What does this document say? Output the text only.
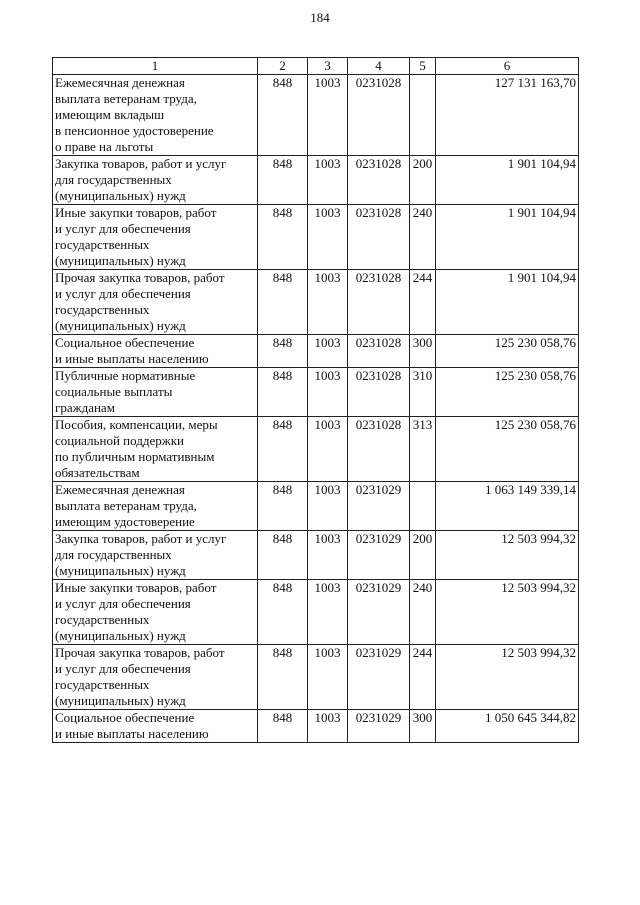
184
1	2	3	4	5	6
Ежемесячная денежная
выплата ветеранам труда,
имеющим вкладыш
в пенсионное удостоверение
о праве на льготы	848	1003	0231028		127 131 163,70
Закупка товаров, работ и услуг
для государственных
(муниципальных) нужд	848	1003	0231028	200	1 901 104,94
Иные закупки товаров, работ
и услуг для обеспечения
государственных
(муниципальных) нужд	848	1003	0231028	240	1 901 104,94
Прочая закупка товаров, работ
и услуг для обеспечения
государственных
(муниципальных) нужд	848	1003	0231028	244	1 901 104,94
Социальное обеспечение
и иные выплаты населению	848	1003	0231028	300	125 230 058,76
Публичные нормативные
социальные выплаты
гражданам	848	1003	0231028	310	125 230 058,76
Пособия, компенсации, меры
социальной поддержки
по публичным нормативным
обязательствам	848	1003	0231028	313	125 230 058,76
Ежемесячная денежная
выплата ветеранам труда,
имеющим удостоверение	848	1003	0231029		1 063 149 339,14
Закупка товаров, работ и услуг
для государственных
(муниципальных) нужд	848	1003	0231029	200	12 503 994,32
Иные закупки товаров, работ
и услуг для обеспечения
государственных
(муниципальных) нужд	848	1003	0231029	240	12 503 994,32
Прочая закупка товаров, работ
и услуг для обеспечения
государственных
(муниципальных) нужд	848	1003	0231029	244	12 503 994,32
Социальное обеспечение
и иные выплаты населению	848	1003	0231029	300	1 050 645 344,82
